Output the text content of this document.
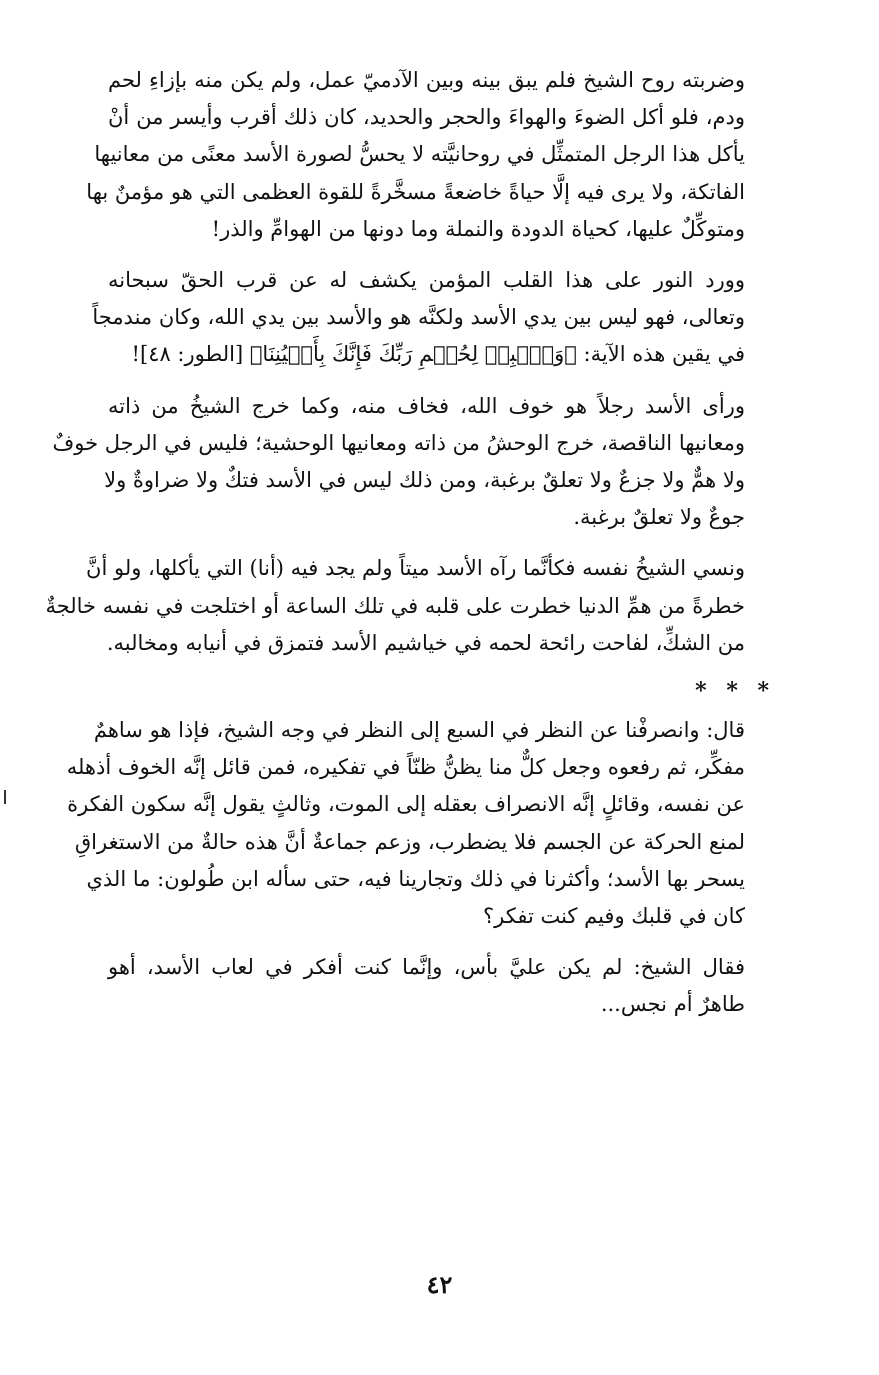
وضربته روح الشيخ فلم يبق بينه وبين الآدميّ عمل، ولم يكن منه بإزاءِ لحم
ودم، فلو أكل الضوءَ والهواءَ والحجر والحديد، كان ذلك أقرب وأيسر من أنْ
يأكل هذا الرجل المتمثِّل في روحانيَّته لا يحسُّ لصورة الأسد معنًى من معانيها
الفاتكة، ولا يرى فيه إلَّا حياةً خاضعةً مسخَّرةً للقوة العظمى التي هو مؤمنٌ بها
ومتوكِّلٌ عليها، كحياة الدودة والنملة وما دونها من الهوامِّ والذر!

وورد النور على هذا القلب المؤمن يكشف له عن قرب الحقّ سبحانه
وتعالى، فهو ليس بين يدي الأسد ولكنَّه هو والأسد بين يدي الله، وكان مندمجاً
في يقين هذه الآية: ﴿وَٱصۡبِرۡ لِحُكۡمِ رَبِّكَ فَإِنَّكَ بِأَعۡيُنِنَا﴾ [الطور: ٤٨]!

ورأى الأسد رجلاً هو خوف الله، فخاف منه، وكما خرج الشيخُ من ذاته
ومعانيها الناقصة، خرج الوحشُ من ذاته ومعانيها الوحشية؛ فليس في الرجل خوفٌ
ولا همٌّ ولا جزعٌ ولا تعلقٌ برغبة، ومن ذلك ليس في الأسد فتكٌ ولا ضراوةٌ ولا
جوعٌ ولا تعلقٌ برغبة.

ونسي الشيخُ نفسه فكأنَّما رآه الأسد ميتاً ولم يجد فيه (أنا) التي يأكلها، ولو أنَّ
خطرةً من همِّ الدنيا خطرت على قلبه في تلك الساعة أو اختلجت في نفسه خالجةٌ
من الشكِّ، لفاحت رائحة لحمه في خياشيم الأسد فتمزق في أنيابه ومخالبه.

* * *

قال: وانصرفْنا عن النظر في السبع إلى النظر في وجه الشيخ، فإذا هو ساهمٌ
مفكِّر، ثم رفعوه وجعل كلٌّ منا يظنُّ ظنّاً في تفكيره، فمن قائل إنَّه الخوف أذهله
عن نفسه، وقائلٍ إنَّه الانصراف بعقله إلى الموت، وثالثٍ يقول إنَّه سكون الفكرة
لمنع الحركة عن الجسم فلا يضطرب، وزعم جماعةٌ أنَّ هذه حالةٌ من الاستغراقِ
يسحر بها الأسد؛ وأكثرنا في ذلك وتجارينا فيه، حتى سأله ابن طُولون: ما الذي
كان في قلبك وفيم كنت تفكر؟

فقال الشيخ: لم يكن عليَّ بأس، وإنَّما كنت أفكر في لعاب الأسد، أهو
طاهرٌ أم نجس...

٤٢
